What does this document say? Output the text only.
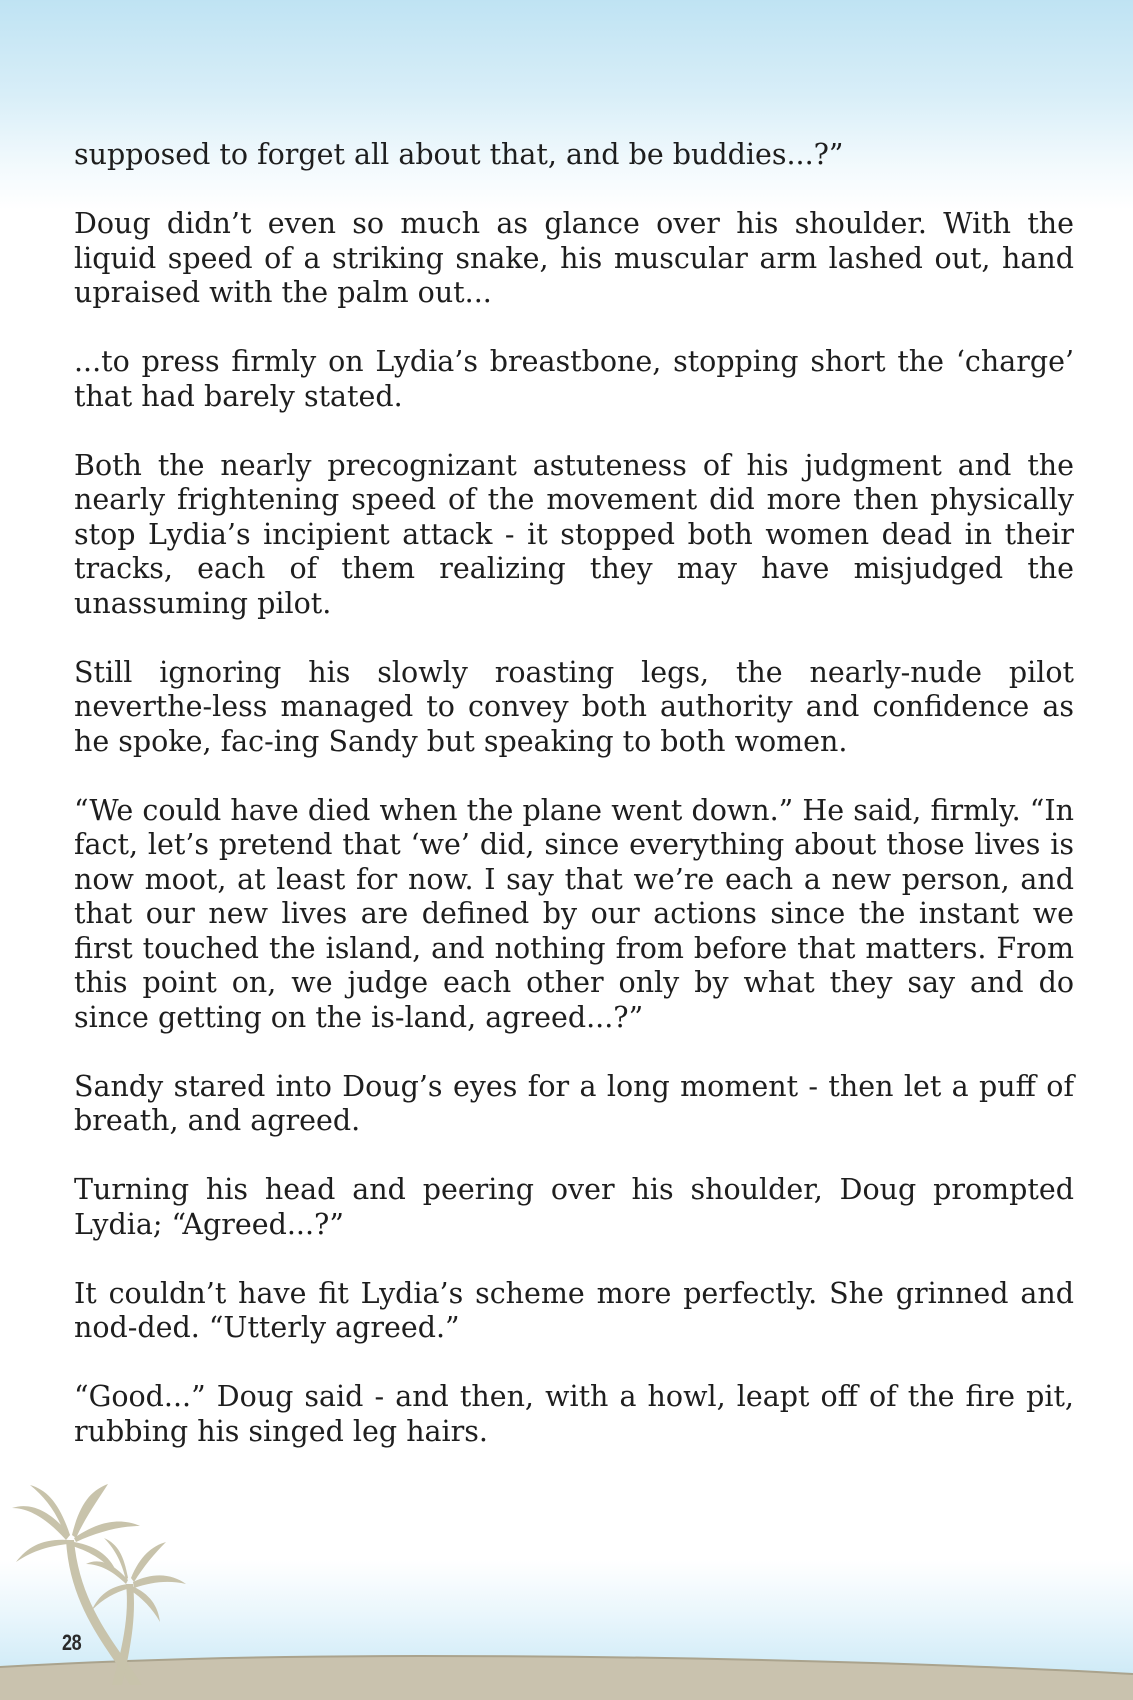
supposed to forget all about that, and be buddies...?”

Doug didn’t even so much as glance over his shoulder. With the liquid speed of a striking snake, his muscular arm lashed out, hand upraised with the palm out...

...to press firmly on Lydia’s breastbone, stopping short the ‘charge’ that had barely stated.

Both the nearly precognizant astuteness of his judgment and the nearly frightening speed of the movement did more then physically stop Lydia’s incipient attack - it stopped both women dead in their tracks, each of them realizing they may have misjudged the unassuming pilot.

Still ignoring his slowly roasting legs, the nearly-nude pilot neverthe-less managed to convey both authority and confidence as he spoke, fac-ing Sandy but speaking to both women.

“We could have died when the plane went down.” He said, firmly. “In fact, let’s pretend that ‘we’ did, since everything about those lives is now moot, at least for now. I say that we’re each a new person, and that our new lives are defined by our actions since the instant we first touched the island, and nothing from before that matters. From this point on, we judge each other only by what they say and do since getting on the is-land, agreed...?”

Sandy stared into Doug’s eyes for a long moment - then let a puff of breath, and agreed.

Turning his head and peering over his shoulder, Doug prompted Lydia; “Agreed...?”

It couldn’t have fit Lydia’s scheme more perfectly. She grinned and nod-ded. “Utterly agreed.”

“Good...” Doug said - and then, with a howl, leapt off of the fire pit, rubbing his singed leg hairs.

28
